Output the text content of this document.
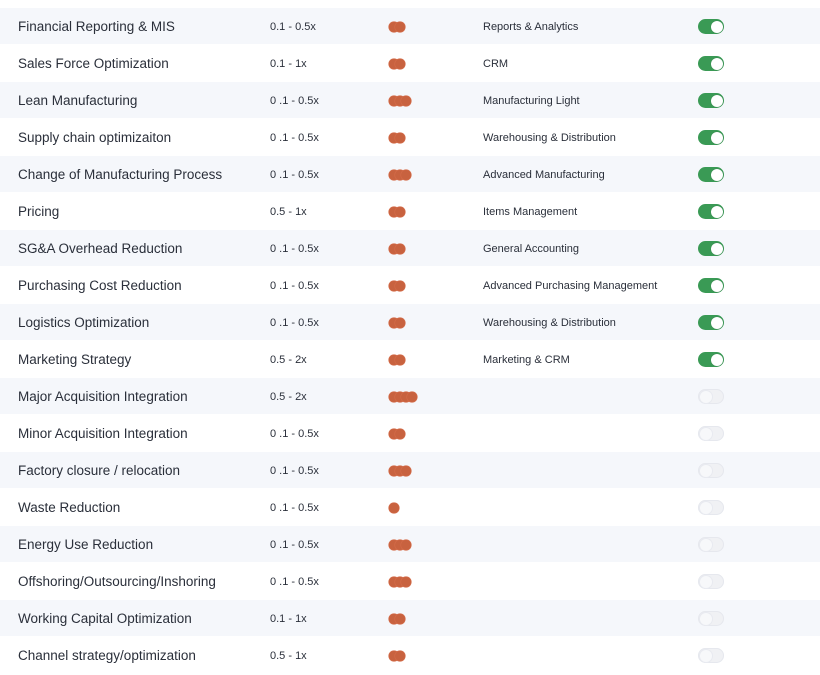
Financial Reporting & MIS	0.1 - 0.5x	Reports & Analytics
Sales Force Optimization	0.1 - 1x	CRM
Lean Manufacturing	0 .1 - 0.5x	Manufacturing Light
Supply chain optimizaiton	0 .1 - 0.5x	Warehousing & Distribution
Change of Manufacturing Process	0 .1 - 0.5x	Advanced Manufacturing
Pricing	0.5 - 1x	Items Management
SG&A Overhead Reduction	0 .1 - 0.5x	General Accounting
Purchasing Cost Reduction	0 .1 - 0.5x	Advanced Purchasing Management
Logistics Optimization	0 .1 - 0.5x	Warehousing & Distribution
Marketing Strategy	0.5 - 2x	Marketing & CRM
Major Acquisition Integration	0.5 - 2x
Minor Acquisition Integration	0 .1 - 0.5x
Factory closure / relocation	0 .1 - 0.5x
Waste Reduction	0 .1 - 0.5x
Energy Use Reduction	0 .1 - 0.5x
Offshoring/Outsourcing/Inshoring	0 .1 - 0.5x
Working Capital Optimization	0.1 - 1x
Channel strategy/optimization	0.5 - 1x
